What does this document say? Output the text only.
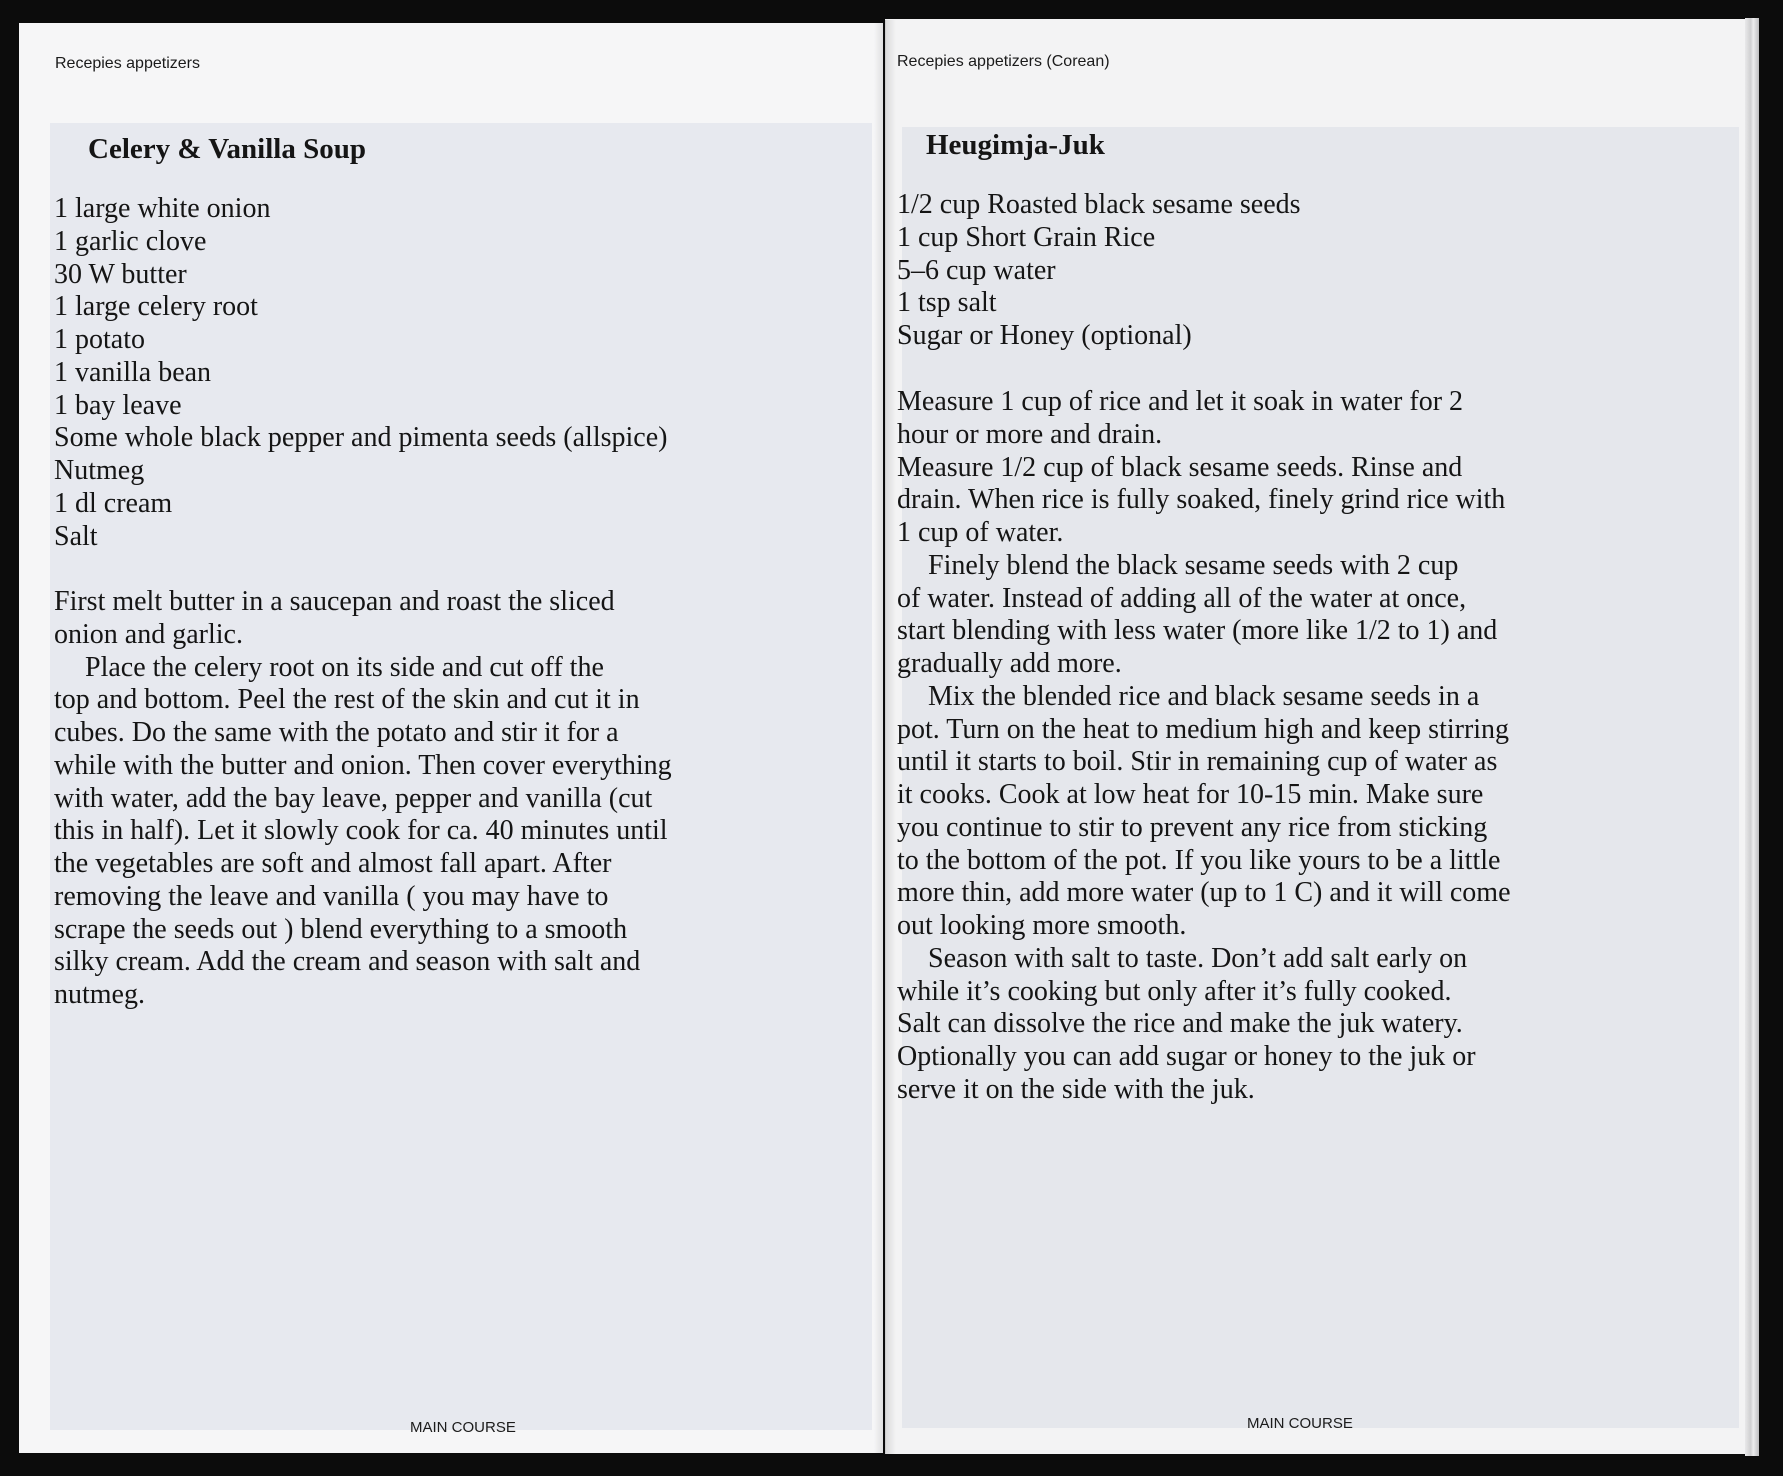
Recepies appetizers
Celery & Vanilla Soup
1 large white onion
1 garlic clove
30 W butter
1 large celery root
1 potato
1 vanilla bean
1 bay leave
Some whole black pepper and pimenta seeds (allspice)
Nutmeg
1 dl cream
Salt

First melt butter in a saucepan and roast the sliced

onion and garlic.

Place the celery root on its side and cut off the

top and bottom. Peel the rest of the skin and cut it in

cubes. Do the same with the potato and stir it for a

while with the butter and onion. Then cover everything

with water, add the bay leave, pepper and vanilla (cut

this in half). Let it slowly cook for ca. 40 minutes until

the vegetables are soft and almost fall apart. After

removing the leave and vanilla ( you may have to

scrape the seeds out ) blend everything to a smooth

silky cream. Add the cream and season with salt and

nutmeg.

MAIN COURSE
Recepies appetizers (Corean)
Heugimja-Juk
1/2 cup Roasted black sesame seeds
1 cup Short Grain Rice
5–6 cup water
1 tsp salt
Sugar or Honey (optional)

Measure 1 cup of rice and let it soak in water for 2

hour or more and drain.

Measure 1/2 cup of black sesame seeds. Rinse and

drain. When rice is fully soaked, finely grind rice with

1 cup of water.

Finely blend the black sesame seeds with 2 cup

of water. Instead of adding all of the water at once,

start blending with less water (more like 1/2 to 1) and

gradually add more.

Mix the blended rice and black sesame seeds in a

pot. Turn on the heat to medium high and keep stirring

until it starts to boil. Stir in remaining cup of water as

it cooks. Cook at low heat for 10-15 min. Make sure

you continue to stir to prevent any rice from sticking

to the bottom of the pot. If you like yours to be a little

more thin, add more water (up to 1 C) and it will come

out looking more smooth.

Season with salt to taste. Don’t add salt early on

while it’s cooking but only after it’s fully cooked.

Salt can dissolve the rice and make the juk watery.

Optionally you can add sugar or honey to the juk or

serve it on the side with the juk.

MAIN COURSE
